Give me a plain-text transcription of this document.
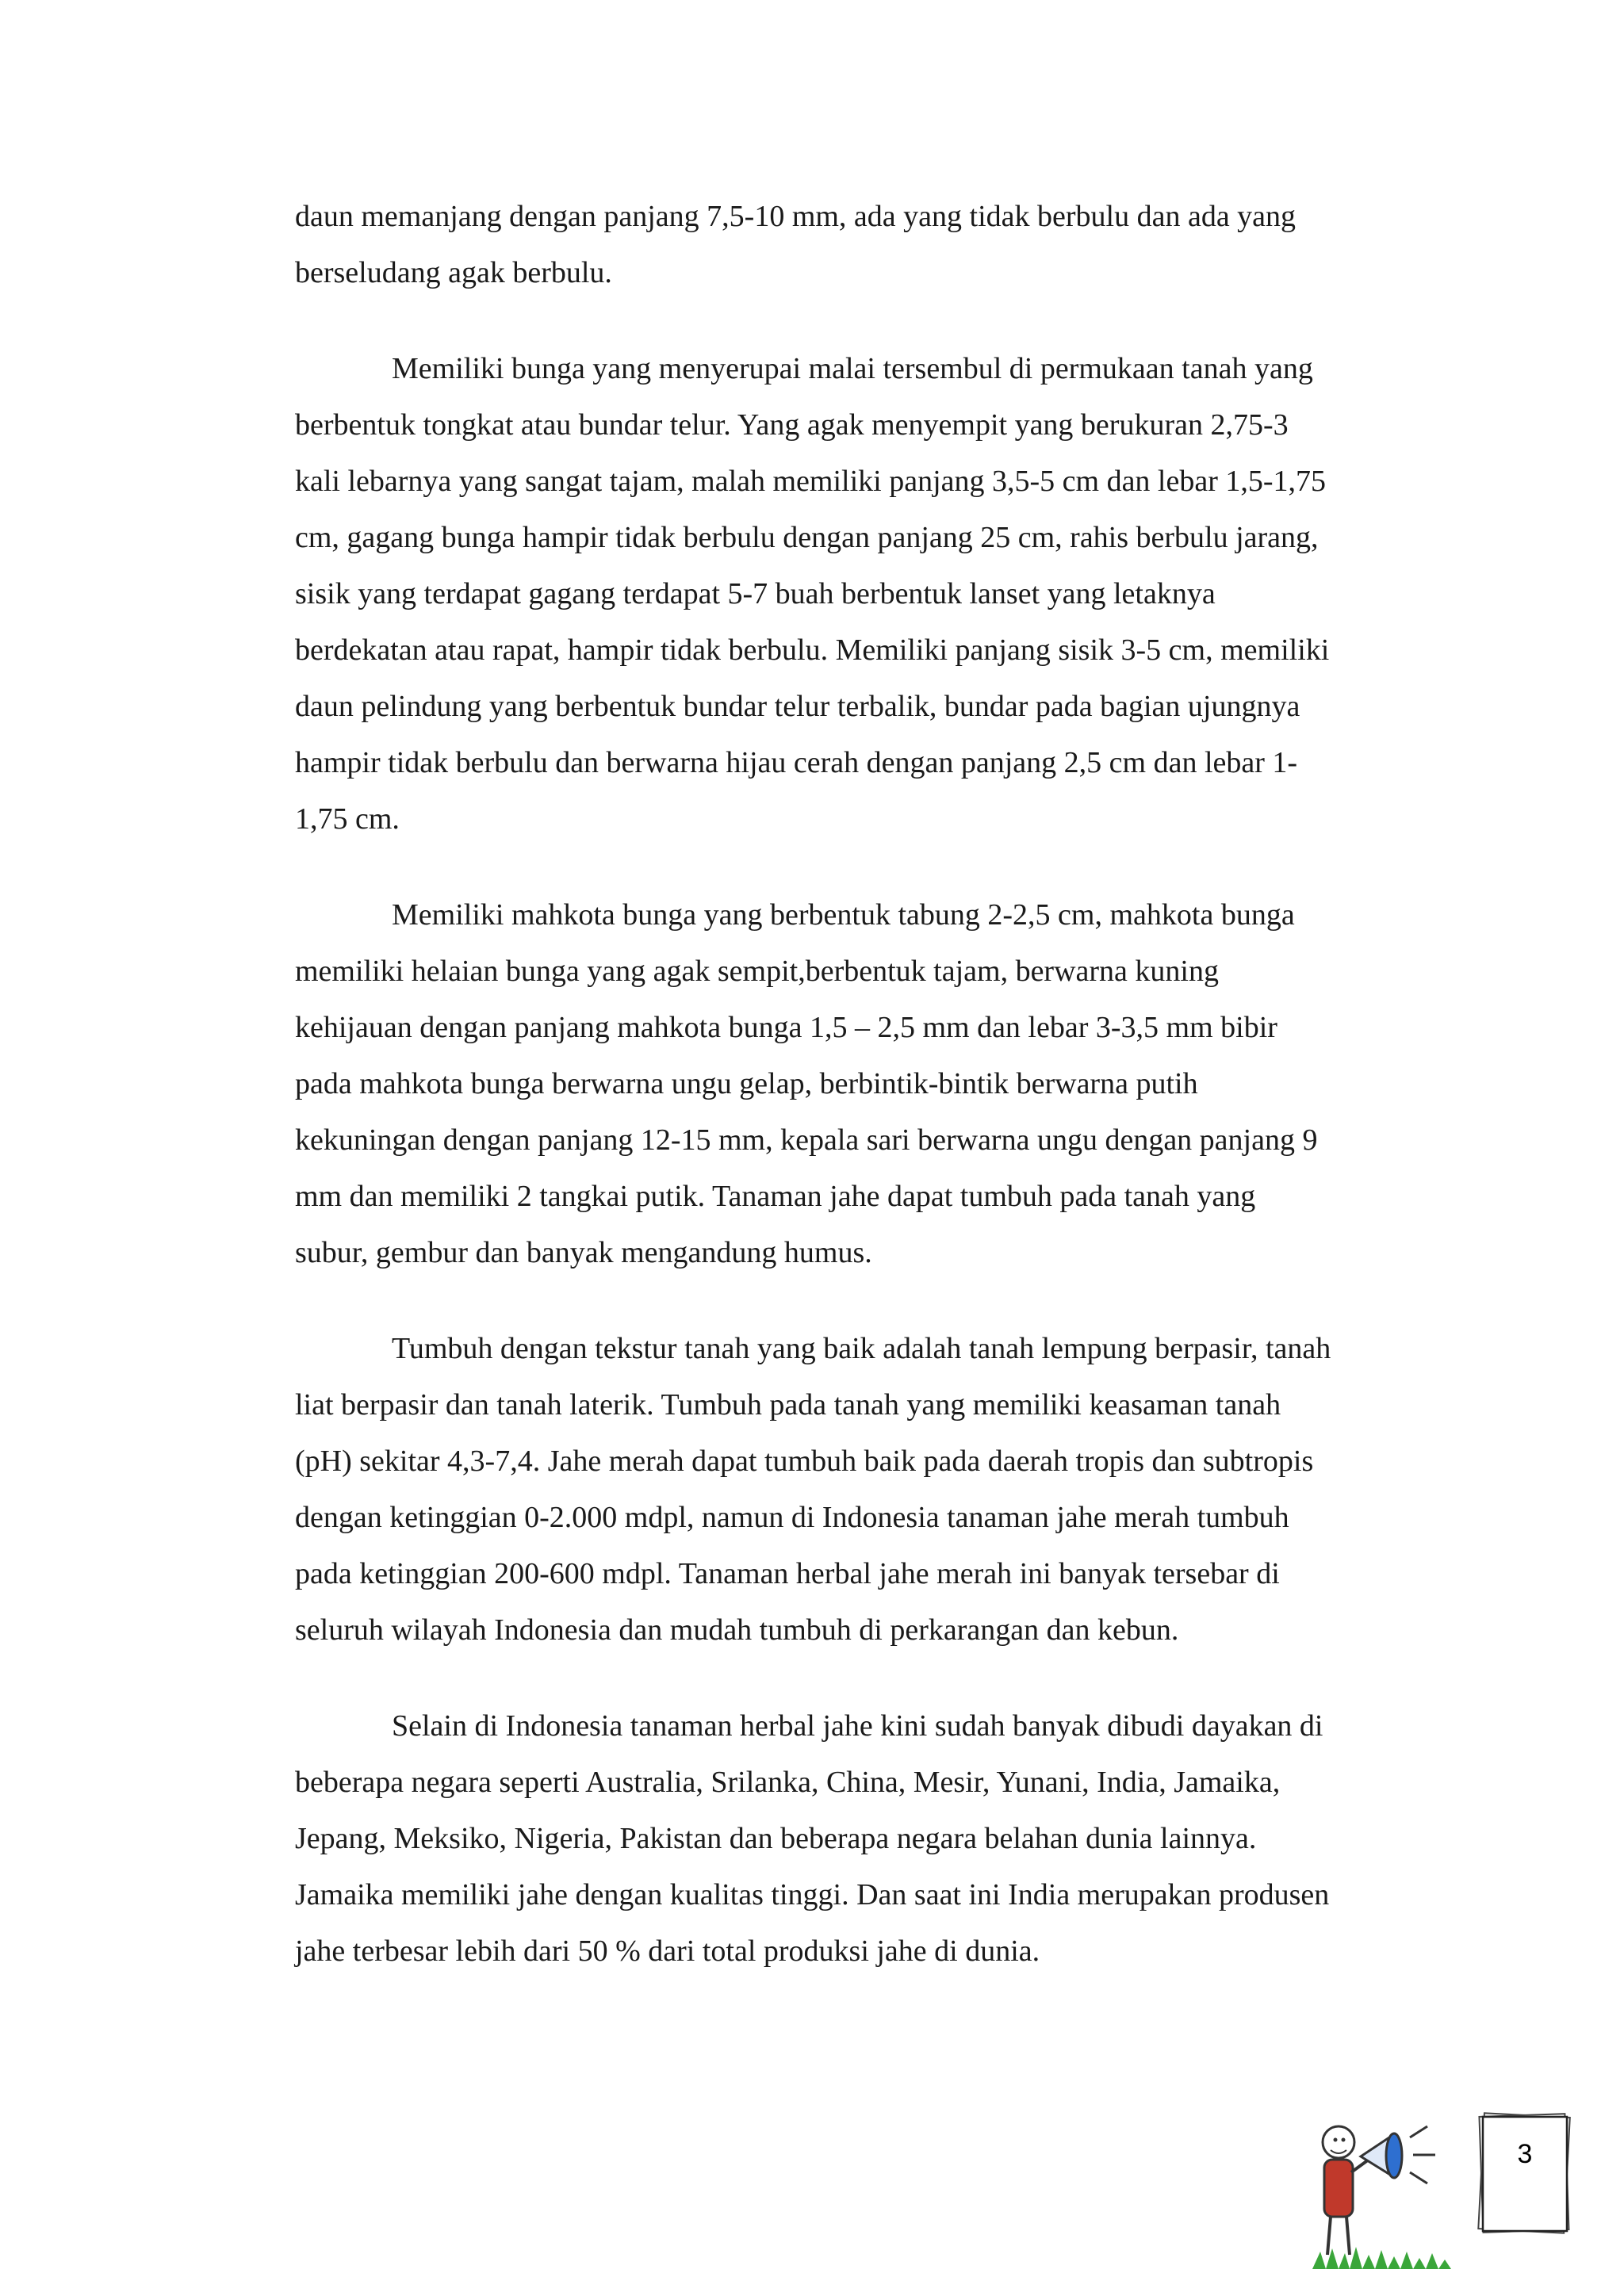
daun memanjang dengan panjang 7,5-10 mm, ada yang tidak berbulu dan ada yang
berseludang agak berbulu.

Memiliki bunga yang menyerupai malai tersembul di permukaan tanah yang
berbentuk tongkat atau bundar telur. Yang agak menyempit yang berukuran 2,75-3
kali lebarnya yang sangat tajam, malah memiliki panjang 3,5-5 cm dan lebar 1,5-1,75
cm, gagang bunga hampir tidak berbulu dengan panjang 25 cm, rahis berbulu jarang,
sisik yang terdapat gagang terdapat 5-7 buah berbentuk lanset yang letaknya
berdekatan atau rapat, hampir tidak berbulu. Memiliki panjang sisik 3-5 cm, memiliki
daun pelindung yang berbentuk bundar telur terbalik, bundar pada bagian ujungnya
hampir tidak berbulu dan berwarna hijau cerah dengan panjang 2,5 cm dan lebar 1-
1,75 cm.

Memiliki mahkota bunga yang berbentuk tabung 2-2,5 cm, mahkota bunga
memiliki helaian bunga yang agak sempit,berbentuk tajam, berwarna kuning
kehijauan dengan panjang mahkota bunga 1,5 – 2,5 mm dan lebar 3-3,5 mm bibir
pada mahkota bunga berwarna ungu gelap, berbintik-bintik berwarna putih
kekuningan dengan panjang 12-15 mm, kepala sari berwarna ungu dengan panjang 9
mm dan memiliki 2 tangkai putik. Tanaman jahe dapat tumbuh pada tanah yang
subur, gembur dan banyak mengandung humus.

Tumbuh dengan tekstur tanah yang baik adalah tanah lempung berpasir, tanah
liat berpasir dan tanah laterik. Tumbuh pada tanah yang memiliki keasaman tanah
(pH) sekitar 4,3-7,4. Jahe merah dapat tumbuh baik pada daerah tropis dan subtropis
dengan ketinggian 0-2.000 mdpl, namun di Indonesia tanaman jahe merah tumbuh
pada ketinggian 200-600 mdpl. Tanaman herbal jahe merah ini banyak tersebar di
seluruh wilayah Indonesia dan mudah tumbuh di perkarangan dan kebun.

Selain di Indonesia tanaman herbal jahe kini sudah banyak dibudi dayakan di
beberapa negara seperti Australia, Srilanka, China, Mesir, Yunani, India, Jamaika,
Jepang, Meksiko, Nigeria, Pakistan dan beberapa negara belahan dunia lainnya.
Jamaika memiliki jahe dengan kualitas tinggi. Dan saat ini India merupakan produsen
jahe terbesar lebih dari 50 % dari total produksi jahe di dunia.

3
